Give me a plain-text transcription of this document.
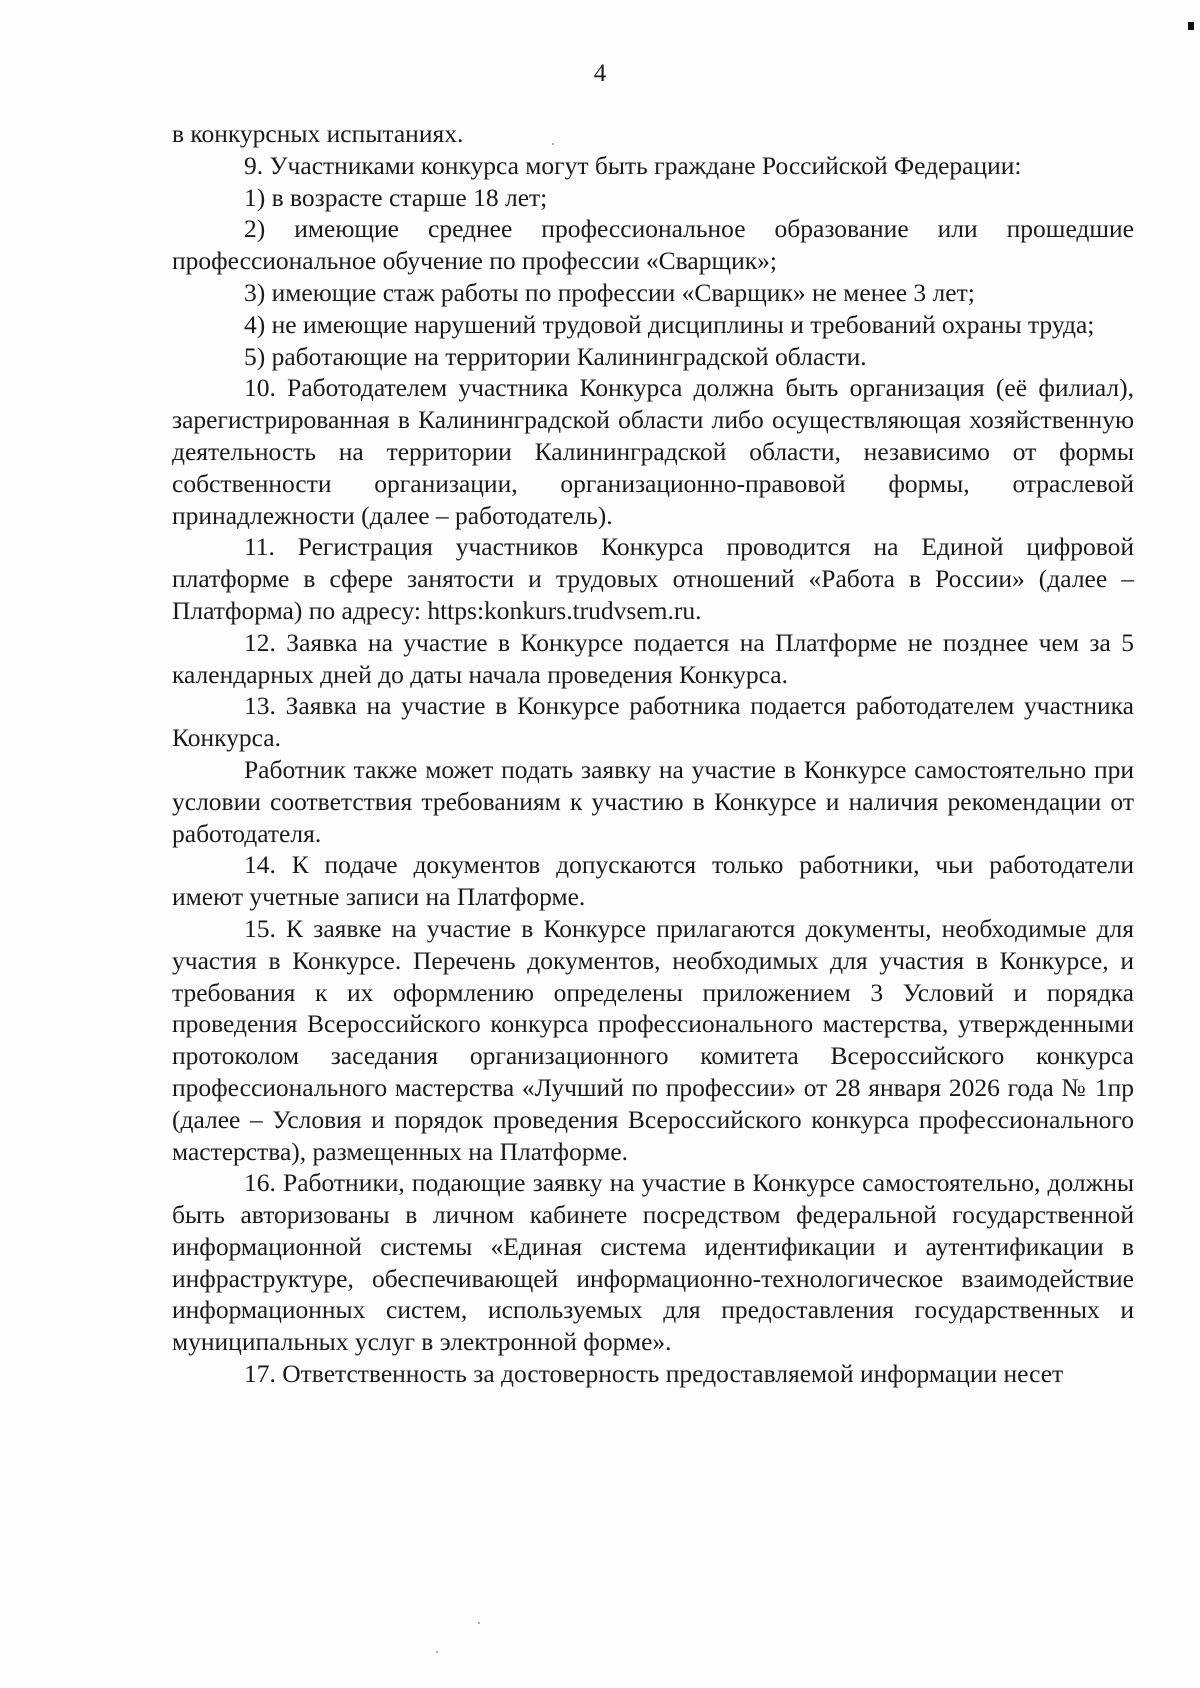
4

в конкурсных испытаниях.

9. Участниками конкурса могут быть граждане Российской Федерации:

1) в возрасте старше 18 лет;

2) имеющие среднее профессиональное образование или прошедшие профессиональное обучение по профессии «Сварщик»;

3) имеющие стаж работы по профессии «Сварщик» не менее 3 лет;

4) не имеющие нарушений трудовой дисциплины и требований охраны труда;

5) работающие на территории Калининградской области.

10. Работодателем участника Конкурса должна быть организация (её филиал), зарегистрированная в Калининградской области либо осуществляющая хозяйственную деятельность на территории Калининградской области, независимо от формы собственности организации, организационно-правовой формы, отраслевой принадлежности (далее – работодатель).

11. Регистрация участников Конкурса проводится на Единой цифровой платформе в сфере занятости и трудовых отношений «Работа в России» (далее – Платформа) по адресу: https:konkurs.trudvsem.ru.

12. Заявка на участие в Конкурсе подается на Платформе не позднее чем за 5 календарных дней до даты начала проведения Конкурса.

13. Заявка на участие в Конкурсе работника подается работодателем участника Конкурса.

Работник также может подать заявку на участие в Конкурсе самостоятельно при условии соответствия требованиям к участию в Конкурсе и наличия рекомендации от работодателя.

14. К подаче документов допускаются только работники, чьи работодатели имеют учетные записи на Платформе.

15. К заявке на участие в Конкурсе прилагаются документы, необходимые для участия в Конкурсе. Перечень документов, необходимых для участия в Конкурсе, и требования к их оформлению определены приложением 3 Условий и порядка проведения Всероссийского конкурса профессионального мастерства, утвержденными протоколом заседания организационного комитета Всероссийского конкурса профессионального мастерства «Лучший по профессии» от 28 января 2026 года № 1пр (далее – Условия и порядок проведения Всероссийского конкурса профессионального мастерства), размещенных на Платформе.

16. Работники, подающие заявку на участие в Конкурсе самостоятельно, должны быть авторизованы в личном кабинете посредством федеральной государственной информационной системы «Единая система идентификации и аутентификации в инфраструктуре, обеспечивающей информационно-технологическое взаимодействие информационных систем, используемых для предоставления государственных и муниципальных услуг в электронной форме».

17. Ответственность за достоверность предоставляемой информации несет
